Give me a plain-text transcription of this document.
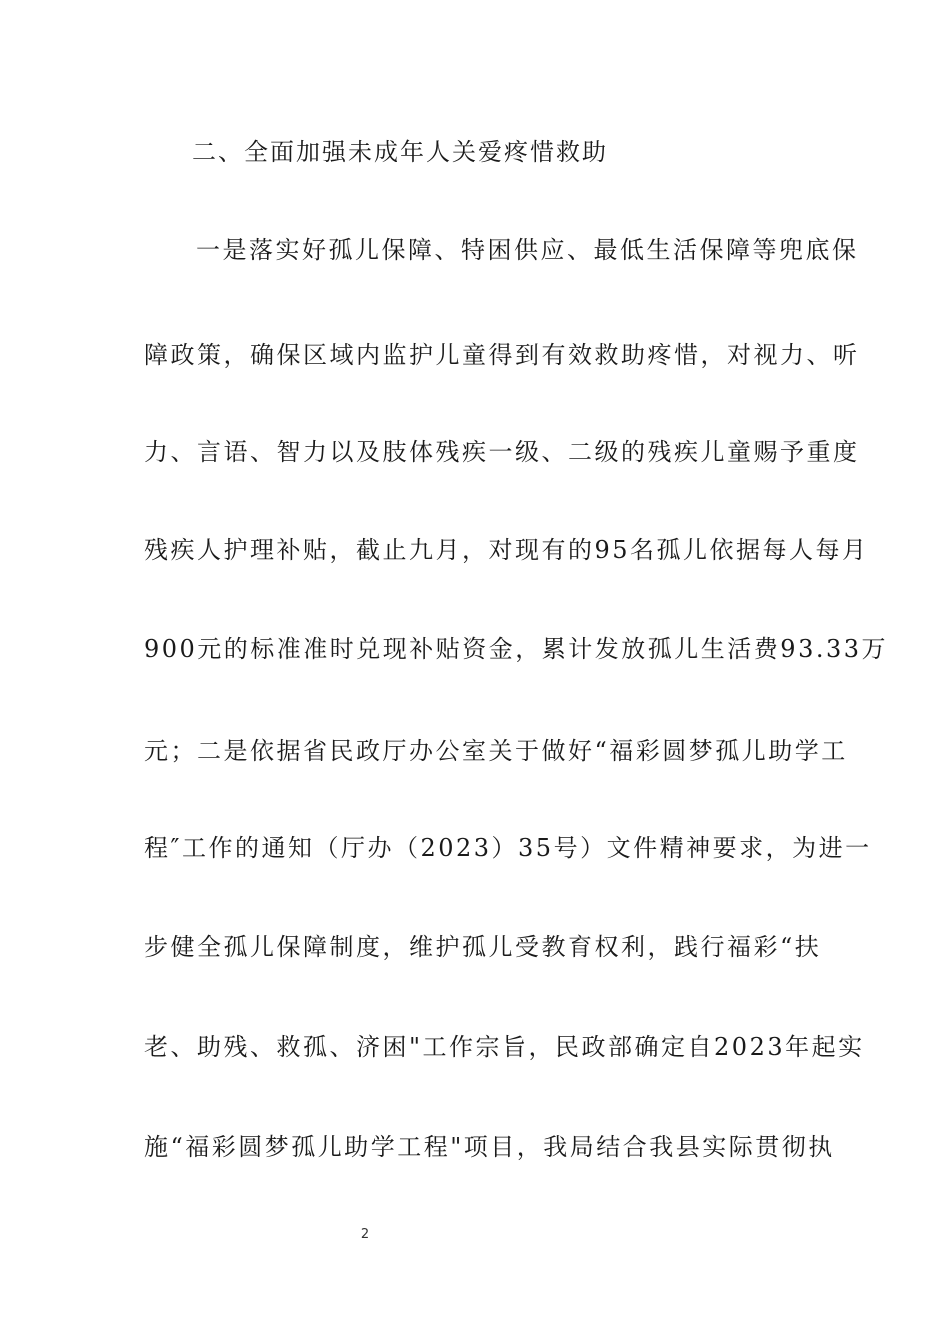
二、全面加强未成年人关爱疼惜救助
一是落实好孤儿保障、特困供应、最低生活保障等兜底保
障政策，确保区域内监护儿童得到有效救助疼惜，对视力、听
力、言语、智力以及肢体残疾一级、二级的残疾儿童赐予重度
残疾人护理补贴，截止九月，对现有的95名孤儿依据每人每月
900元的标准准时兑现补贴资金，累计发放孤儿生活费93.33万
元；二是依据省民政厅办公室关于做好“福彩圆梦孤儿助学工
程″工作的通知（厅办（2023）35号）文件精神要求，为进一
步健全孤儿保障制度，维护孤儿受教育权利，践行福彩“扶
老、助残、救孤、济困"工作宗旨，民政部确定自2023年起实
施“福彩圆梦孤儿助学工程"项目，我局结合我县实际贯彻执
2
